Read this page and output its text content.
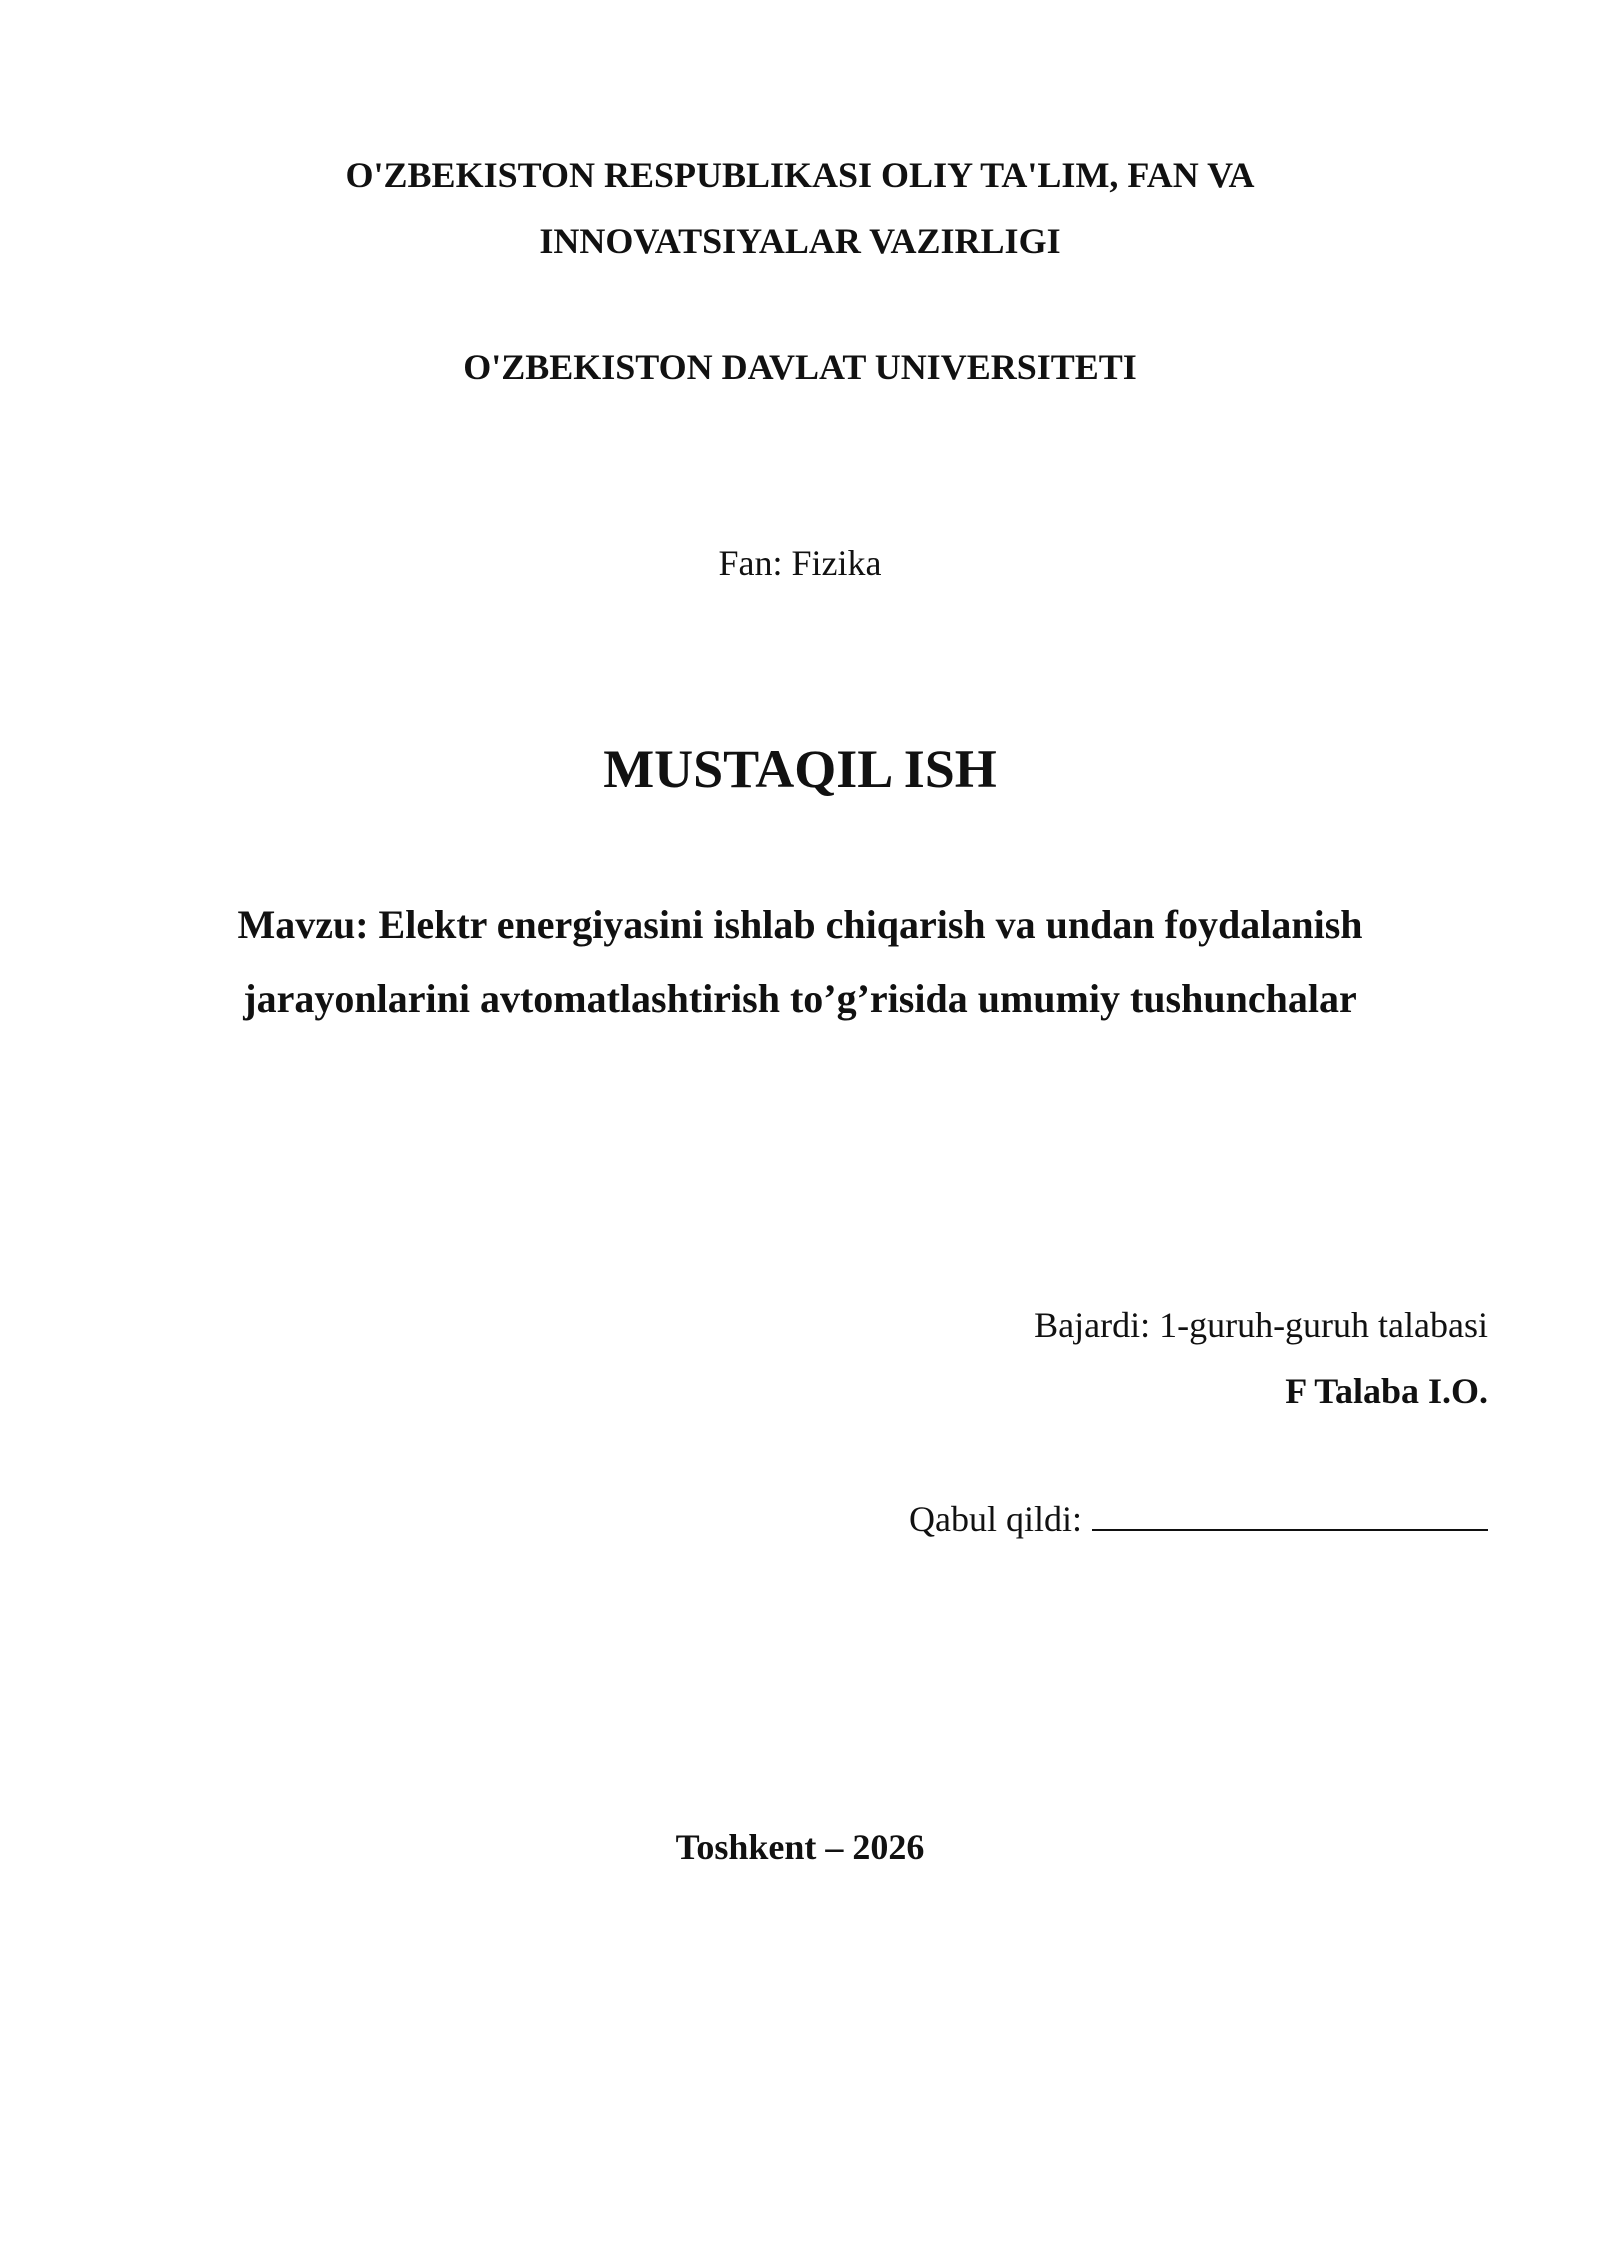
O'ZBEKISTON RESPUBLIKASI OLIY TA'LIM, FAN VA
INNOVATSIYALAR VAZIRLIGI
O'ZBEKISTON DAVLAT UNIVERSITETI
Fan: Fizika
MUSTAQIL ISH
Mavzu: Elektr energiyasini ishlab chiqarish va undan foydalanish
jarayonlarini avtomatlashtirish to’g’risida umumiy tushunchalar
Bajardi: 1-guruh-guruh talabasi
F Talaba I.O.
Qabul qildi:
Toshkent – 2026
